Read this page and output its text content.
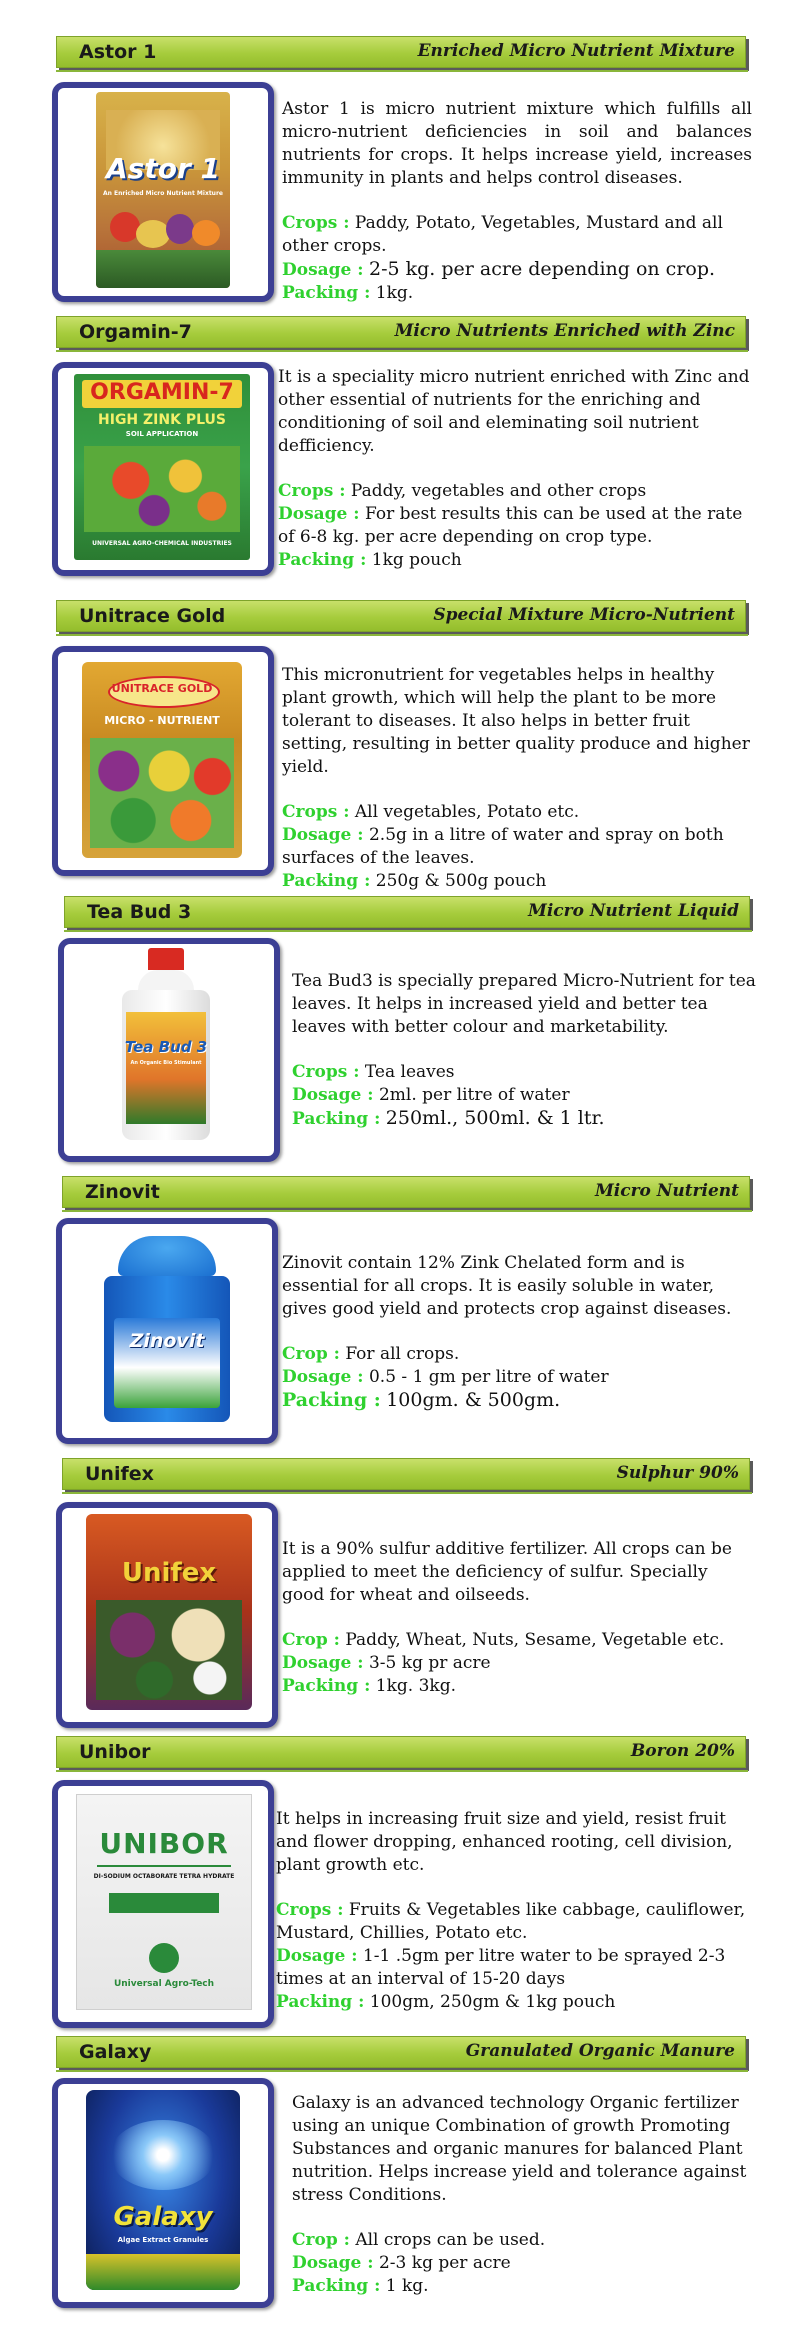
Astor 1	Enriched Micro Nutrient Mixture
Astor 1
An Enriched Micro Nutrient Mixture

Astor 1 is micro nutrient mixture which fulfills all micro-nutrient deficiencies in soil and balances nutrients for crops. It helps increase yield, increases immunity in plants and helps control diseases.

Crops : Paddy, Potato, Vegetables, Mustard and all other crops.
Dosage : 2-5 kg. per acre depending on crop.
Packing : 1kg.
Orgamin-7	Micro Nutrients Enriched with Zinc
ORGAMIN-7
HIGH ZINK PLUS
SOIL APPLICATION
UNIVERSAL AGRO-CHEMICAL INDUSTRIES

It is a speciality micro nutrient enriched with Zinc and other essential of nutrients for the enriching and conditioning of soil and eleminating soil nutrient defficiency.

Crops : Paddy, vegetables and other crops
Dosage : For best results this can be used at the rate of 6-8 kg. per acre depending on crop type.
Packing : 1kg pouch
Unitrace Gold	Special Mixture Micro-Nutrient
UNITRACE GOLD
MICRO - NUTRIENT

This micronutrient for vegetables helps in healthy plant growth, which will help the plant to be more tolerant to diseases. It also helps in better fruit setting, resulting in better quality produce and higher yield.

Crops : All vegetables, Potato etc.
Dosage : 2.5g in a litre of water and spray on both surfaces of the leaves.
Packing : 250g & 500g pouch
Tea Bud 3	Micro Nutrient Liquid
Tea Bud 3
An Organic Bio Stimulant

Tea Bud3 is specially prepared Micro-Nutrient for tea leaves. It helps in increased yield and better tea leaves with better colour and marketability.

Crops : Tea leaves
Dosage : 2ml. per litre of water
Packing : 250ml., 500ml. & 1 ltr.
Zinovit	Micro Nutrient
Zinovit

Zinovit contain 12% Zink Chelated form and is essential for all crops. It is easily soluble in water, gives good yield and protects crop against diseases.

Crop : For all crops.
Dosage : 0.5 - 1 gm per litre of water
Packing : 100gm. & 500gm.
Unifex	Sulphur 90%
Unifex

It is a 90% sulfur additive fertilizer. All crops can be applied to meet the deficiency of sulfur. Specially good for wheat and oilseeds.

Crop : Paddy, Wheat, Nuts, Sesame, Vegetable etc.
Dosage : 3-5 kg pr acre
Packing : 1kg. 3kg.
Unibor	Boron 20%
UNIBOR
DI-SODIUM OCTABORATE TETRA HYDRATE
Universal Agro-Tech

It helps in increasing fruit size and yield, resist fruit and flower dropping, enhanced rooting, cell division, plant growth etc.

Crops : Fruits & Vegetables like cabbage, cauliflower, Mustard, Chillies, Potato etc.
Dosage : 1-1 .5gm per litre water to be sprayed 2-3 times at an interval of 15-20 days
Packing : 100gm, 250gm & 1kg pouch
Galaxy	Granulated Organic Manure
Galaxy
Algae Extract Granules

Galaxy is an advanced technology Organic fertilizer using an unique Combination of growth Promoting Substances and organic manures for balanced Plant nutrition. Helps increase yield and tolerance against stress Conditions.

Crop : All crops can be used.
Dosage : 2-3 kg per acre
Packing : 1 kg.
